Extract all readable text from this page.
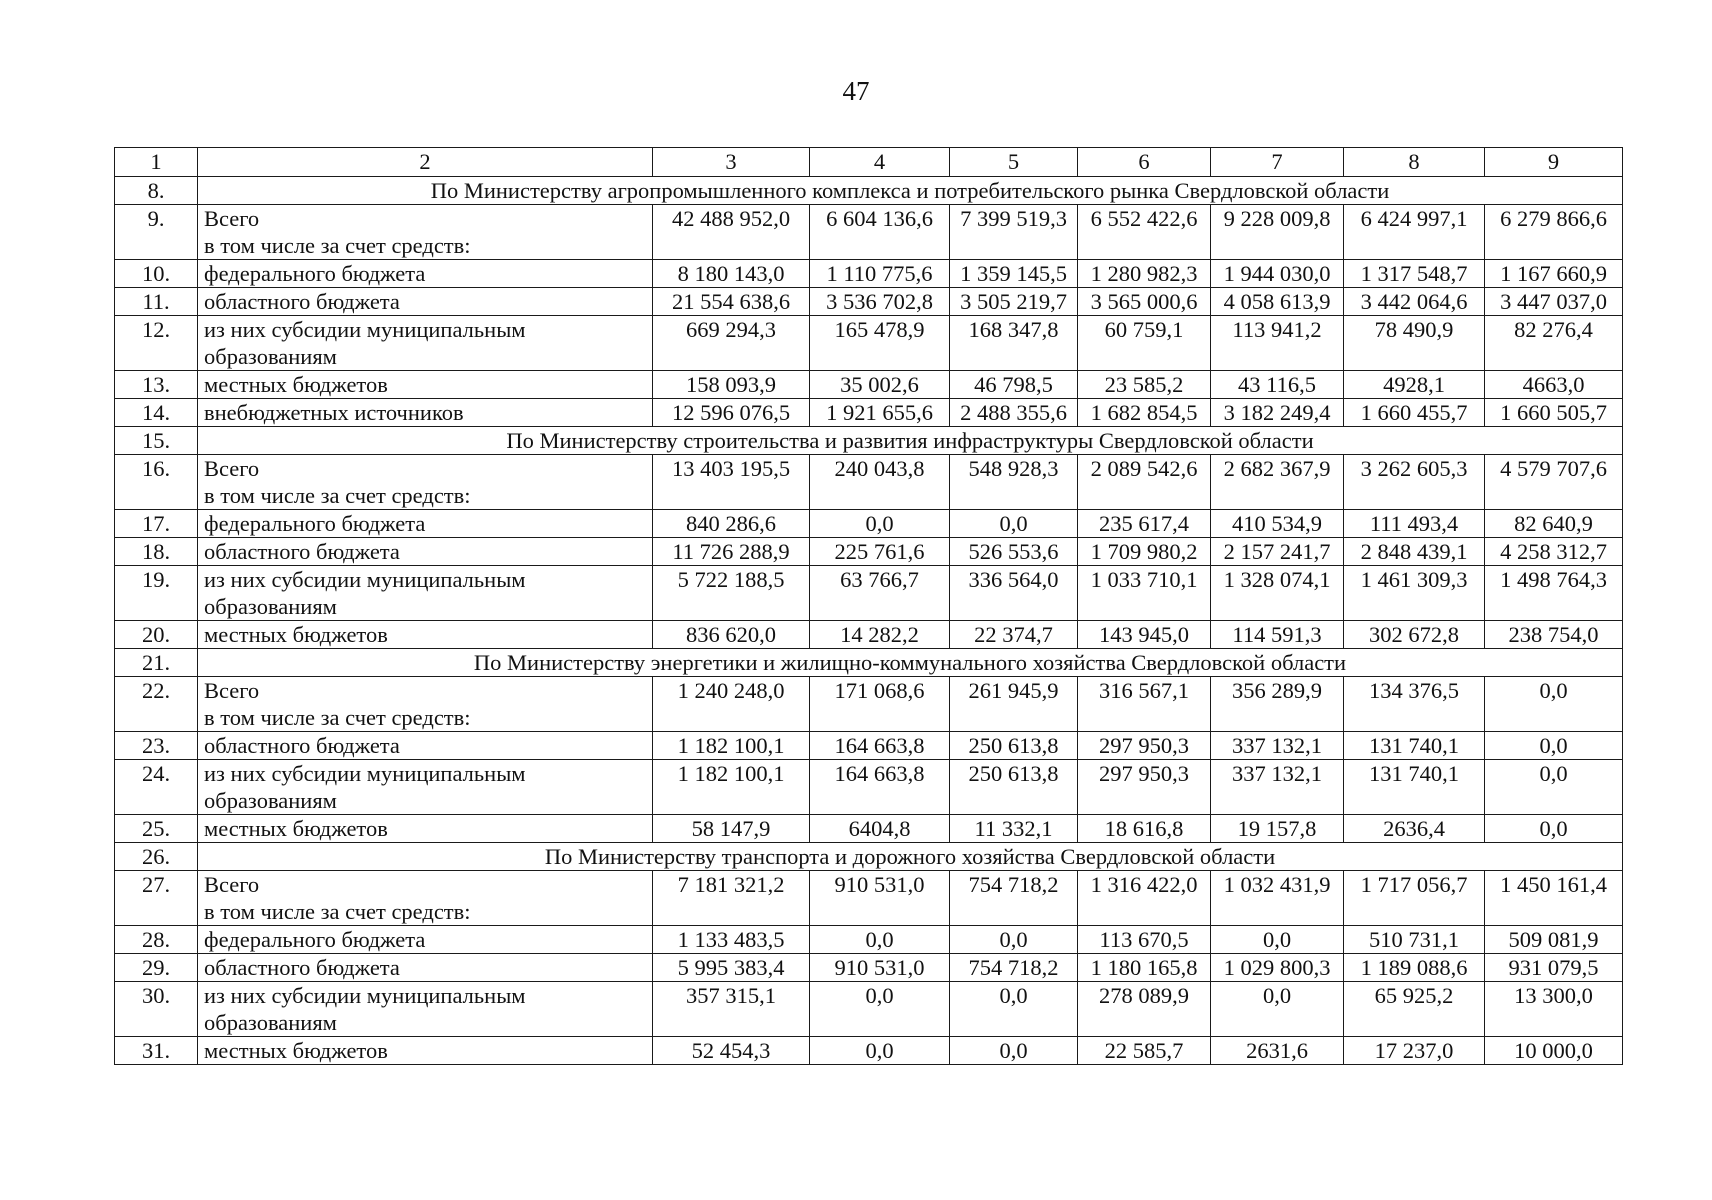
47
1	2	3	4	5	6	7	8	9
8.	По Министерству агропромышленного комплекса и потребительского рынка Свердловской области							
9.	Всего
в том числе за счет средств:	42 488 952,0	6 604 136,6	7 399 519,3	6 552 422,6	9 228 009,8	6 424 997,1	6 279 866,6
10.	федерального бюджета	8 180 143,0	1 110 775,6	1 359 145,5	1 280 982,3	1 944 030,0	1 317 548,7	1 167 660,9
11.	областного бюджета	21 554 638,6	3 536 702,8	3 505 219,7	3 565 000,6	4 058 613,9	3 442 064,6	3 447 037,0
12.	из них субсидии муниципальным
образованиям	669 294,3	165 478,9	168 347,8	60 759,1	113 941,2	78 490,9	82 276,4
13.	местных бюджетов	158 093,9	35 002,6	46 798,5	23 585,2	43 116,5	4928,1	4663,0
14.	внебюджетных источников	12 596 076,5	1 921 655,6	2 488 355,6	1 682 854,5	3 182 249,4	1 660 455,7	1 660 505,7
15.	По Министерству строительства и развития инфраструктуры Свердловской области							
16.	Всего
в том числе за счет средств:	13 403 195,5	240 043,8	548 928,3	2 089 542,6	2 682 367,9	3 262 605,3	4 579 707,6
17.	федерального бюджета	840 286,6	0,0	0,0	235 617,4	410 534,9	111 493,4	82 640,9
18.	областного бюджета	11 726 288,9	225 761,6	526 553,6	1 709 980,2	2 157 241,7	2 848 439,1	4 258 312,7
19.	из них субсидии муниципальным
образованиям	5 722 188,5	63 766,7	336 564,0	1 033 710,1	1 328 074,1	1 461 309,3	1 498 764,3
20.	местных бюджетов	836 620,0	14 282,2	22 374,7	143 945,0	114 591,3	302 672,8	238 754,0
21.	По Министерству энергетики и жилищно-коммунального хозяйства Свердловской области							
22.	Всего
в том числе за счет средств:	1 240 248,0	171 068,6	261 945,9	316 567,1	356 289,9	134 376,5	0,0
23.	областного бюджета	1 182 100,1	164 663,8	250 613,8	297 950,3	337 132,1	131 740,1	0,0
24.	из них субсидии муниципальным
образованиям	1 182 100,1	164 663,8	250 613,8	297 950,3	337 132,1	131 740,1	0,0
25.	местных бюджетов	58 147,9	6404,8	11 332,1	18 616,8	19 157,8	2636,4	0,0
26.	По Министерству транспорта и дорожного хозяйства Свердловской области							
27.	Всего
в том числе за счет средств:	7 181 321,2	910 531,0	754 718,2	1 316 422,0	1 032 431,9	1 717 056,7	1 450 161,4
28.	федерального бюджета	1 133 483,5	0,0	0,0	113 670,5	0,0	510 731,1	509 081,9
29.	областного бюджета	5 995 383,4	910 531,0	754 718,2	1 180 165,8	1 029 800,3	1 189 088,6	931 079,5
30.	из них субсидии муниципальным
образованиям	357 315,1	0,0	0,0	278 089,9	0,0	65 925,2	13 300,0
31.	местных бюджетов	52 454,3	0,0	0,0	22 585,7	2631,6	17 237,0	10 000,0
